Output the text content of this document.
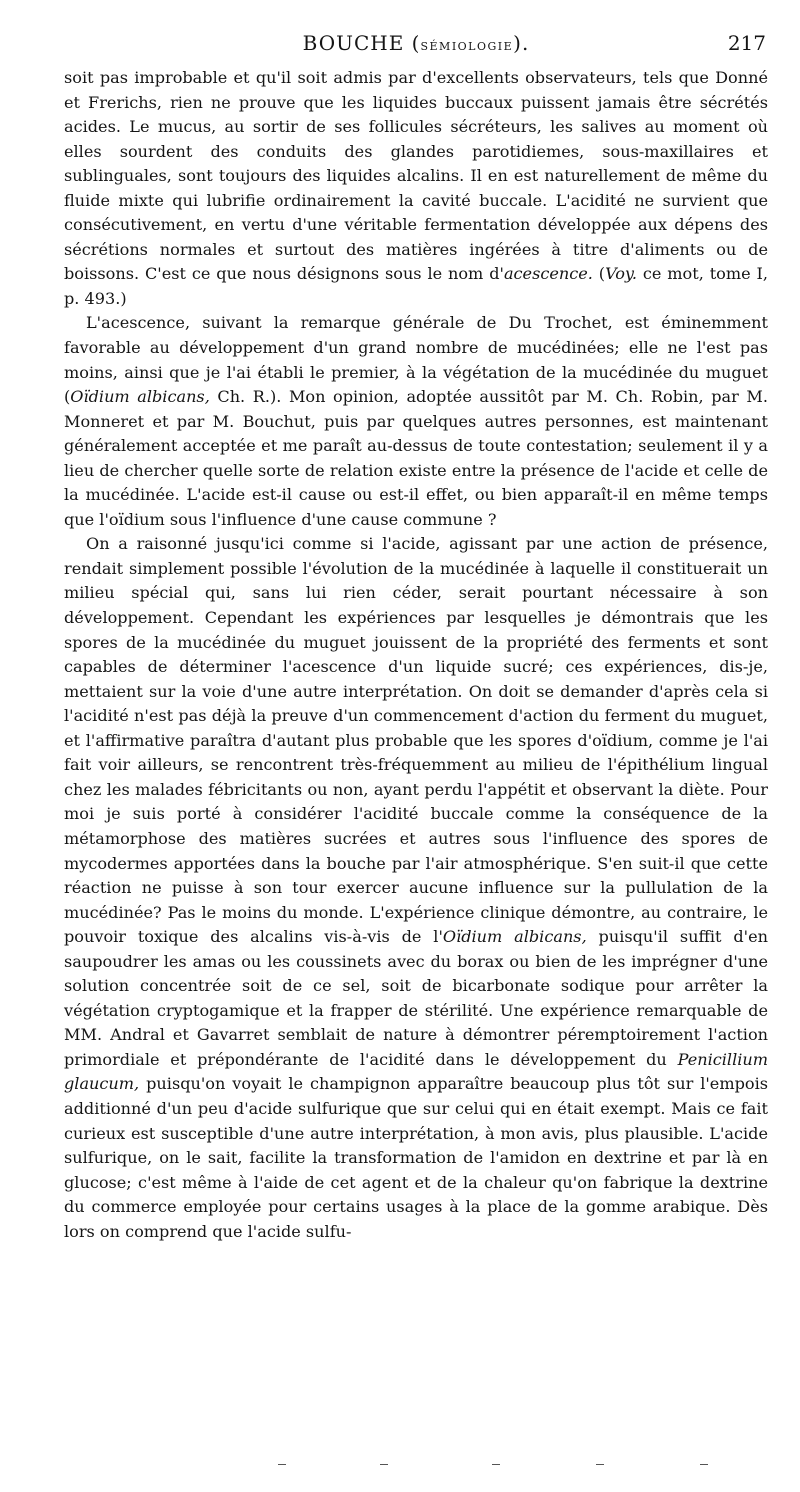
BOUCHE (sémiologie).	217

soit pas improbable et qu'il soit admis par d'excellents observateurs, tels que Donné et Frerichs, rien ne prouve que les liquides buccaux puissent jamais être sécrétés acides. Le mucus, au sortir de ses follicules sécréteurs, les salives au moment où elles sourdent des conduits des glandes parotidiemes, sous-maxillaires et sublinguales, sont toujours des liquides alcalins. Il en est naturellement de même du fluide mixte qui lubrifie ordinairement la cavité buccale. L'acidité ne survient que consécutivement, en vertu d'une véritable fermentation développée aux dépens des sécrétions normales et surtout des matières ingérées à titre d'aliments ou de boissons. C'est ce que nous désignons sous le nom d'acescence. (Voy. ce mot, tome I, p. 493.)

L'acescence, suivant la remarque générale de Du Trochet, est éminemment favorable au développement d'un grand nombre de mucédinées; elle ne l'est pas moins, ainsi que je l'ai établi le premier, à la végétation de la mucédinée du muguet (Oïdium albicans, Ch. R.). Mon opinion, adoptée aussitôt par M. Ch. Robin, par M. Monneret et par M. Bouchut, puis par quelques autres personnes, est maintenant généralement acceptée et me paraît au-dessus de toute contestation; seulement il y a lieu de chercher quelle sorte de relation existe entre la présence de l'acide et celle de la mucédinée. L'acide est-il cause ou est-il effet, ou bien apparaît-il en même temps que l'oïdium sous l'influence d'une cause commune ?

On a raisonné jusqu'ici comme si l'acide, agissant par une action de présence, rendait simplement possible l'évolution de la mucédinée à laquelle il constituerait un milieu spécial qui, sans lui rien céder, serait pourtant nécessaire à son développement. Cependant les expériences par lesquelles je démontrais que les spores de la mucédinée du muguet jouissent de la propriété des ferments et sont capables de déterminer l'acescence d'un liquide sucré; ces expériences, dis-je, mettaient sur la voie d'une autre interprétation. On doit se demander d'après cela si l'acidité n'est pas déjà la preuve d'un commencement d'action du ferment du muguet, et l'affirmative paraîtra d'autant plus probable que les spores d'oïdium, comme je l'ai fait voir ailleurs, se rencontrent très-fréquemment au milieu de l'épithélium lingual chez les malades fébricitants ou non, ayant perdu l'appétit et observant la diète. Pour moi je suis porté à considérer l'acidité buccale comme la conséquence de la métamorphose des matières sucrées et autres sous l'influence des spores de mycodermes apportées dans la bouche par l'air atmosphérique. S'en suit-il que cette réaction ne puisse à son tour exercer aucune influence sur la pullulation de la mucédinée? Pas le moins du monde. L'expérience clinique démontre, au contraire, le pouvoir toxique des alcalins vis-à-vis de l'Oïdium albicans, puisqu'il suffit d'en saupoudrer les amas ou les coussinets avec du borax ou bien de les imprégner d'une solution concentrée soit de ce sel, soit de bicarbonate sodique pour arrêter la végétation cryptogamique et la frapper de stérilité. Une expérience remarquable de MM. Andral et Gavarret semblait de nature à démontrer péremptoirement l'action primordiale et prépondérante de l'acidité dans le développement du Penicillium glaucum, puisqu'on voyait le champignon apparaître beaucoup plus tôt sur l'empois additionné d'un peu d'acide sulfurique que sur celui qui en était exempt. Mais ce fait curieux est susceptible d'une autre interprétation, à mon avis, plus plausible. L'acide sulfurique, on le sait, facilite la transformation de l'amidon en dextrine et par là en glucose; c'est même à l'aide de cet agent et de la chaleur qu'on fabrique la dextrine du commerce employée pour certains usages à la place de la gomme arabique. Dès lors on comprend que l'acide sulfu-
